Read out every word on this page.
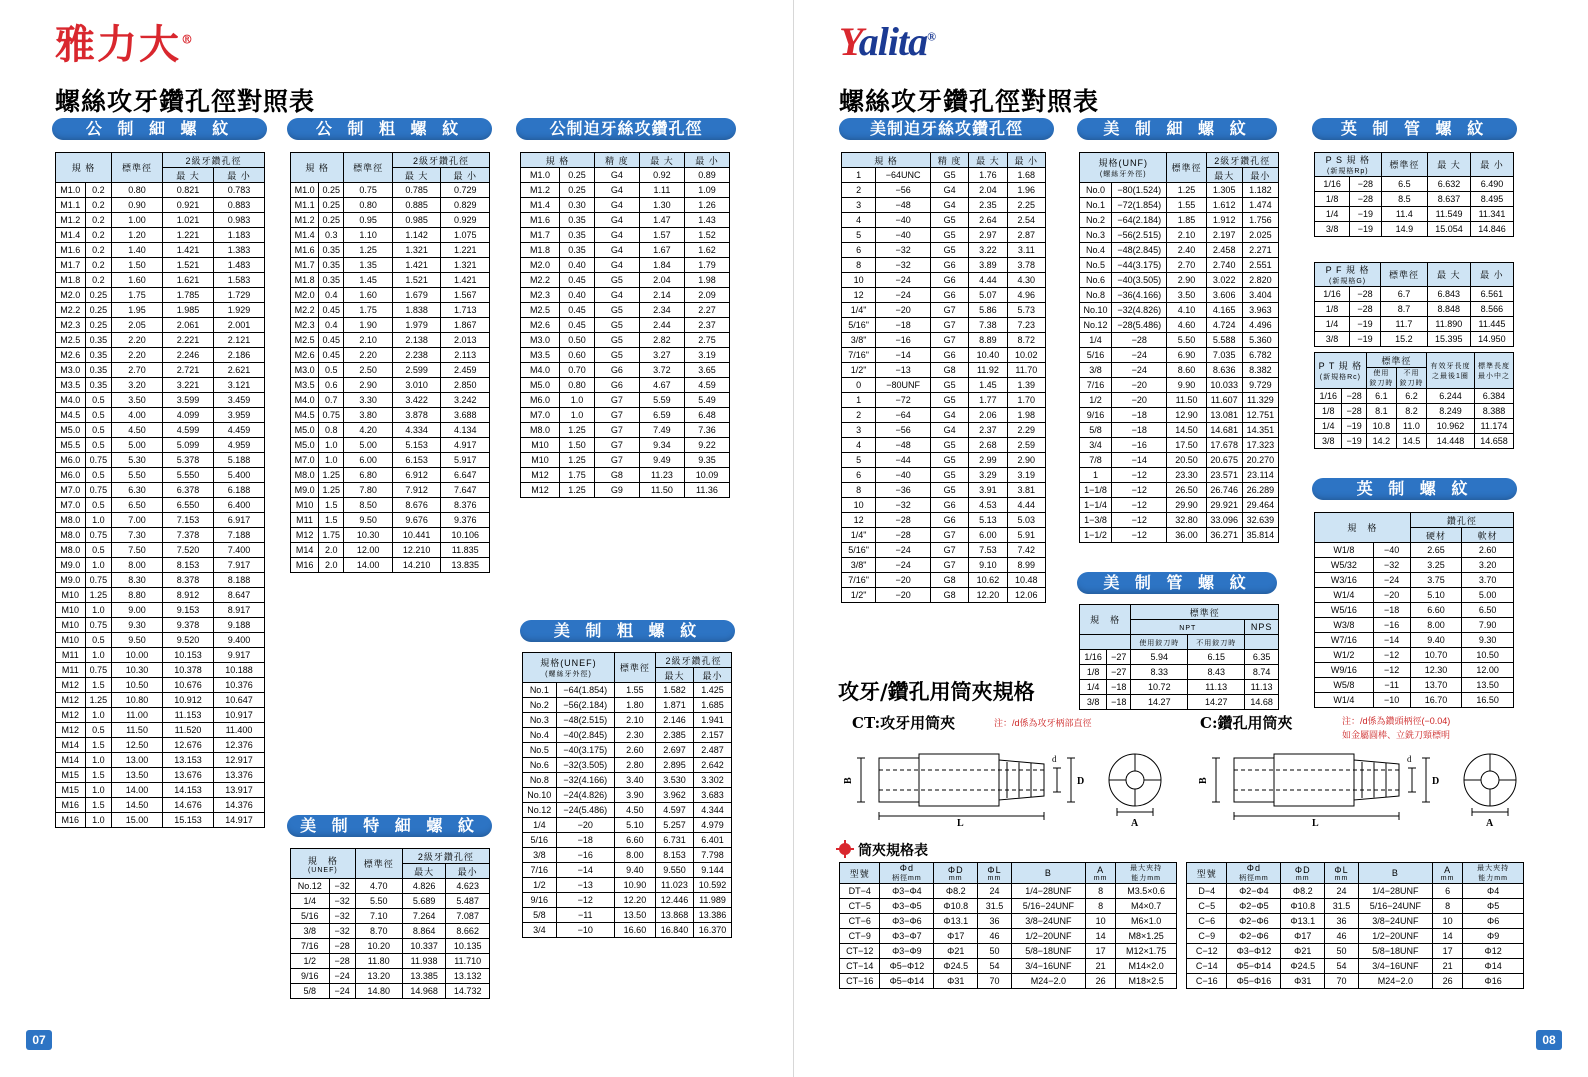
雅力大®
螺絲攻牙鑽孔徑對照表
公 制 細 螺 紋	公 制 粗 螺 紋	公制迫牙絲攻鑽孔徑
美 制 粗 螺 紋
美 制 特 細 螺 紋
規 格		標準徑	2級牙鑽孔徑	
			最 大	最 小
M1.0	0.2	0.80	0.821	0.783
M1.1	0.2	0.90	0.921	0.883
M1.2	0.2	1.00	1.021	0.983
M1.4	0.2	1.20	1.221	1.183
M1.6	0.2	1.40	1.421	1.383
M1.7	0.2	1.50	1.521	1.483
M1.8	0.2	1.60	1.621	1.583
M2.0	0.25	1.75	1.785	1.729
M2.2	0.25	1.95	1.985	1.929
M2.3	0.25	2.05	2.061	2.001
M2.5	0.35	2.20	2.221	2.121
M2.6	0.35	2.20	2.246	2.186
M3.0	0.35	2.70	2.721	2.621
M3.5	0.35	3.20	3.221	3.121
M4.0	0.5	3.50	3.599	3.459
M4.5	0.5	4.00	4.099	3.959
M5.0	0.5	4.50	4.599	4.459
M5.5	0.5	5.00	5.099	4.959
M6.0	0.75	5.30	5.378	5.188
M6.0	0.5	5.50	5.550	5.400
M7.0	0.75	6.30	6.378	6.188
M7.0	0.5	6.50	6.550	6.400
M8.0	1.0	7.00	7.153	6.917
M8.0	0.75	7.30	7.378	7.188
M8.0	0.5	7.50	7.520	7.400
M9.0	1.0	8.00	8.153	7.917
M9.0	0.75	8.30	8.378	8.188
M10	1.25	8.80	8.912	8.647
M10	1.0	9.00	9.153	8.917
M10	0.75	9.30	9.378	9.188
M10	0.5	9.50	9.520	9.400
M11	1.0	10.00	10.153	9.917
M11	0.75	10.30	10.378	10.188
M12	1.5	10.50	10.676	10.376
M12	1.25	10.80	10.912	10.647
M12	1.0	11.00	11.153	10.917
M12	0.5	11.50	11.520	11.400
M14	1.5	12.50	12.676	12.376
M14	1.0	13.00	13.153	12.917
M15	1.5	13.50	13.676	13.376
M15	1.0	14.00	14.153	13.917
M16	1.5	14.50	14.676	14.376
M16	1.0	15.00	15.153	14.917
規 格		標準徑	2級牙鑽孔徑	
			最 大	最 小
M1.0	0.25	0.75	0.785	0.729
M1.1	0.25	0.80	0.885	0.829
M1.2	0.25	0.95	0.985	0.929
M1.4	0.3	1.10	1.142	1.075
M1.6	0.35	1.25	1.321	1.221
M1.7	0.35	1.35	1.421	1.321
M1.8	0.35	1.45	1.521	1.421
M2.0	0.4	1.60	1.679	1.567
M2.2	0.45	1.75	1.838	1.713
M2.3	0.4	1.90	1.979	1.867
M2.5	0.45	2.10	2.138	2.013
M2.6	0.45	2.20	2.238	2.113
M3.0	0.5	2.50	2.599	2.459
M3.5	0.6	2.90	3.010	2.850
M4.0	0.7	3.30	3.422	3.242
M4.5	0.75	3.80	3.878	3.688
M5.0	0.8	4.20	4.334	4.134
M5.0	1.0	5.00	5.153	4.917
M7.0	1.0	6.00	6.153	5.917
M8.0	1.25	6.80	6.912	6.647
M9.0	1.25	7.80	7.912	7.647
M10	1.5	8.50	8.676	8.376
M11	1.5	9.50	9.676	9.376
M12	1.75	10.30	10.441	10.106
M14	2.0	12.00	12.210	11.835
M16	2.0	14.00	14.210	13.835
規 格		精 度	最 大	最 小
M1.0	0.25	G4	0.92	0.89
M1.2	0.25	G4	1.11	1.09
M1.4	0.30	G4	1.30	1.26
M1.6	0.35	G4	1.47	1.43
M1.7	0.35	G4	1.57	1.52
M1.8	0.35	G4	1.67	1.62
M2.0	0.40	G4	1.84	1.79
M2.2	0.45	G5	2.04	1.98
M2.3	0.40	G4	2.14	2.09
M2.5	0.45	G5	2.34	2.27
M2.6	0.45	G5	2.44	2.37
M3.0	0.50	G5	2.82	2.75
M3.5	0.60	G5	3.27	3.19
M4.0	0.70	G6	3.72	3.65
M5.0	0.80	G6	4.67	4.59
M6.0	1.0	G7	5.59	5.49
M7.0	1.0	G7	6.59	6.48
M8.0	1.25	G7	7.49	7.36
M10	1.50	G7	9.34	9.22
M10	1.25	G7	9.49	9.35
M12	1.75	G8	11.23	10.09
M12	1.25	G9	11.50	11.36
規格(UNEF)
(螺絲牙外徑)		標準徑	2級牙鑽孔徑	
			最大	最小
No.1	−64(1.854)	1.55	1.582	1.425
No.2	−56(2.184)	1.80	1.871	1.685
No.3	−48(2.515)	2.10	2.146	1.941
No.4	−40(2.845)	2.30	2.385	2.157
No.5	−40(3.175)	2.60	2.697	2.487
No.6	−32(3.505)	2.80	2.895	2.642
No.8	−32(4.166)	3.40	3.530	3.302
No.10	−24(4.826)	3.90	3.962	3.683
No.12	−24(5.486)	4.50	4.597	4.344
1/4	−20	5.10	5.257	4.979
5/16	−18	6.60	6.731	6.401
3/8	−16	8.00	8.153	7.798
7/16	−14	9.40	9.550	9.144
1/2	−13	10.90	11.023	10.592
9/16	−12	12.20	12.446	11.989
5/8	−11	13.50	13.868	13.386
3/4	−10	16.60	16.840	16.370
規　格
(UNEF)		標準徑	2級牙鑽孔徑	
			最大	最小
No.12	−32	4.70	4.826	4.623
1/4	−32	5.50	5.689	5.487
5/16	−32	7.10	7.264	7.087
3/8	−32	8.70	8.864	8.662
7/16	−28	10.20	10.337	10.135
1/2	−28	11.80	11.938	11.710
9/16	−24	13.20	13.385	13.132
5/8	−24	14.80	14.968	14.732
07
Yalita®
螺絲攻牙鑽孔徑對照表
美制迫牙絲攻鑽孔徑	美 制 細 螺 紋	英 制 管 螺 紋
英 制 螺 紋
美 制 管 螺 紋
規 格		精 度	最 大	最 小
1	−64UNC	G5	1.76	1.68
2	−56	G4	2.04	1.96
3	−48	G4	2.35	2.25
4	−40	G5	2.64	2.54
5	−40	G5	2.97	2.87
6	−32	G5	3.22	3.11
8	−32	G6	3.89	3.78
10	−24	G6	4.44	4.30
12	−24	G6	5.07	4.96
1/4"	−20	G7	5.86	5.73
5/16"	−18	G7	7.38	7.23
3/8"	−16	G7	8.89	8.72
7/16"	−14	G6	10.40	10.02
1/2"	−13	G8	11.92	11.70
0	−80UNF	G5	1.45	1.39
1	−72	G5	1.77	1.70
2	−64	G4	2.06	1.98
3	−56	G4	2.37	2.29
4	−48	G5	2.68	2.59
5	−44	G5	2.99	2.90
6	−40	G5	3.29	3.19
8	−36	G5	3.91	3.81
10	−32	G6	4.53	4.44
12	−28	G6	5.13	5.03
1/4"	−28	G7	6.00	5.91
5/16"	−24	G7	7.53	7.42
3/8"	−24	G7	9.10	8.99
7/16"	−20	G8	10.62	10.48
1/2"	−20	G8	12.20	12.06
規格(UNF)
(螺絲牙外徑)		標準徑	2級牙鑽孔徑	
			最大	最小
No.0	−80(1.524)	1.25	1.305	1.182
No.1	−72(1.854)	1.55	1.612	1.474
No.2	−64(2.184)	1.85	1.912	1.756
No.3	−56(2.515)	2.10	2.197	2.025
No.4	−48(2.845)	2.40	2.458	2.271
No.5	−44(3.175)	2.70	2.740	2.551
No.6	−40(3.505)	2.90	3.022	2.820
No.8	−36(4.166)	3.50	3.606	3.404
No.10	−32(4.826)	4.10	4.165	3.963
No.12	−28(5.486)	4.60	4.724	4.496
1/4	−28	5.50	5.588	5.360
5/16	−24	6.90	7.035	6.782
3/8	−24	8.60	8.636	8.382
7/16	−20	9.90	10.033	9.729
1/2	−20	11.50	11.607	11.329
9/16	−18	12.90	13.081	12.751
5/8	−18	14.50	14.681	14.351
3/4	−16	17.50	17.678	17.323
7/8	−14	20.50	20.675	20.270
1	−12	23.30	23.571	23.114
1−1/8	−12	26.50	26.746	26.289
1−1/4	−12	29.90	29.921	29.464
1−3/8	−12	32.80	33.096	32.639
1−1/2	−12	36.00	36.271	35.814
P S 規 格
(新規格Rp)		標準徑	最 大	最 小
1/16	−28	6.5	6.632	6.490
1/8	−28	8.5	8.637	8.495
1/4	−19	11.4	11.549	11.341
3/8	−19	14.9	15.054	14.846
P F 規 格
(新規格G)		標準徑	最 大	最 小
1/16	−28	6.7	6.843	6.561
1/8	−28	8.7	8.848	8.566
1/4	−19	11.7	11.890	11.445
3/8	−19	15.2	15.395	14.950
P T 規 格
(新規格Rc)
	標準徑	
有效牙長度
之最後1圈

標準長度
最小中之

使用
鉸刀時

不用
鉸刀時

1/16	−28	6.1	6.2	6.244	6.384
1/8	−28	8.1	8.2	8.249	8.388
1/4	−19	10.8	11.0	10.962	11.174
3/8	−19	14.2	14.5	14.448	14.658
規　格		鑽孔徑	
		硬材	軟材
W1/8	−40	2.65	2.60
W5/32	−32	3.25	3.20
W3/16	−24	3.75	3.70
W1/4	−20	5.10	5.00
W5/16	−18	6.60	6.50
W3/8	−16	8.00	7.90
W7/16	−14	9.40	9.30
W1/2	−12	10.70	10.50
W9/16	−12	12.30	12.00
W5/8	−11	13.70	13.50
W1/4	−10	16.70	16.50
規　格		標準徑		
		NPT		NPS
		使用鉸刀時	不用鉸刀時	
1/16	−27	5.94	6.15	6.35
1/8	−27	8.33	8.43	8.74
1/4	−18	10.72	11.13	11.13
3/8	−18	14.27	14.27	14.68
攻牙/鑽孔用筒夾規格
CT:攻牙用筒夾	注：/d係為攻牙柄部直徑	C:鑽孔用筒夾	注：/d係為鑽頭柄徑(−0.04)
如金屬圓棒、立銑刀頸標明
B
L
d
D
A
B
L
d
D
A
筒夾規格表
型號	
Φd
柄徑mm

ΦD
mm

ΦL
mm	B	A
mm

最大夾持
能力mm

DT−4	Φ3−Φ4	Φ8.2	24	1/4−28UNF	8	M3.5×0.6
CT−5	Φ3−Φ5	Φ10.8	31.5	5/16−24UNF	8	M4×0.7
CT−6	Φ3−Φ6	Φ13.1	36	3/8−24UNF	10	M6×1.0
CT−9	Φ3−Φ7	Φ17	46	1/2−20UNF	14	M8×1.25
CT−12	Φ3−Φ9	Φ21	50	5/8−18UNF	17	M12×1.75
CT−14	Φ5−Φ12	Φ24.5	54	3/4−16UNF	21	M14×2.0
CT−16	Φ5−Φ14	Φ31	70	M24−2.0	26	M18×2.5
型號	
Φd
柄徑mm

ΦD
mm

ΦL
mm	B	A
mm

最大夾持
能力mm

D−4	Φ2−Φ4	Φ8.2	24	1/4−28UNF	6	Φ4
C−5	Φ2−Φ5	Φ10.8	31.5	5/16−24UNF	8	Φ5
C−6	Φ2−Φ6	Φ13.1	36	3/8−24UNF	10	Φ6
C−9	Φ2−Φ6	Φ17	46	1/2−20UNF	14	Φ9
C−12	Φ3−Φ12	Φ21	50	5/8−18UNF	17	Φ12
C−14	Φ5−Φ14	Φ24.5	54	3/4−16UNF	21	Φ14
C−16	Φ5−Φ16	Φ31	70	M24−2.0	26	Φ16
08
